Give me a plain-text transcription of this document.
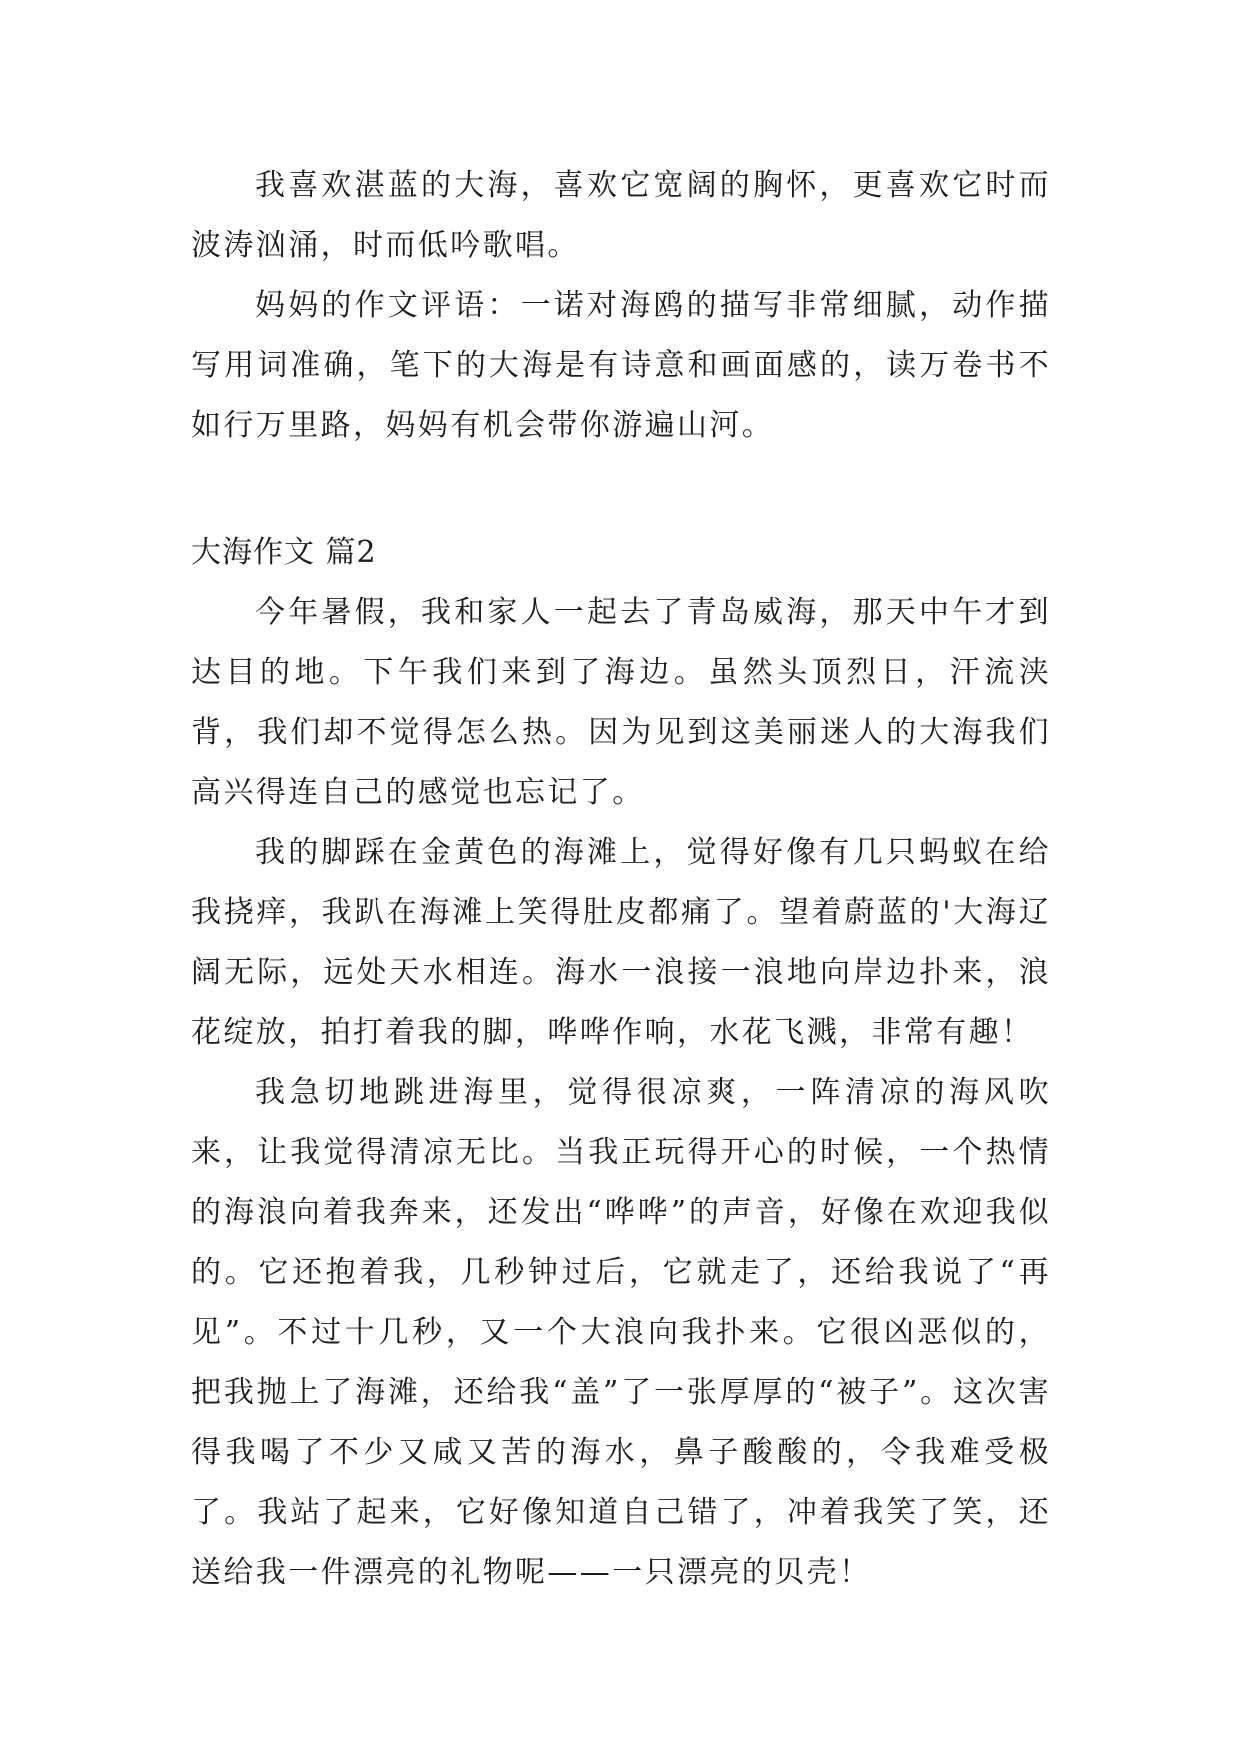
我喜欢湛蓝的大海，喜欢它宽阔的胸怀，更喜欢它时而波涛汹涌，时而低吟歌唱。

妈妈的作文评语：一诺对海鸥的描写非常细腻，动作描写用词准确，笔下的大海是有诗意和画面感的，读万卷书不如行万里路，妈妈有机会带你游遍山河。

大海作文 篇2

今年暑假，我和家人一起去了青岛威海，那天中午才到达目的地。下午我们来到了海边。虽然头顶烈日，汗流浃背，我们却不觉得怎么热。因为见到这美丽迷人的大海我们高兴得连自己的感觉也忘记了。

我的脚踩在金黄色的海滩上，觉得好像有几只蚂蚁在给我挠痒，我趴在海滩上笑得肚皮都痛了。望着蔚蓝的'大海辽阔无际，远处天水相连。海水一浪接一浪地向岸边扑来，浪花绽放，拍打着我的脚，哗哗作响，水花飞溅，非常有趣！

我急切地跳进海里，觉得很凉爽，一阵清凉的海风吹来，让我觉得清凉无比。当我正玩得开心的时候，一个热情的海浪向着我奔来，还发出“哗哗”的声音，好像在欢迎我似的。它还抱着我，几秒钟过后，它就走了，还给我说了“再见”。不过十几秒，又一个大浪向我扑来。它很凶恶似的，把我抛上了海滩，还给我“盖”了一张厚厚的“被子”。这次害得我喝了不少又咸又苦的海水，鼻子酸酸的，令我难受极了。我站了起来，它好像知道自己错了，冲着我笑了笑，还送给我一件漂亮的礼物呢——一只漂亮的贝壳！
